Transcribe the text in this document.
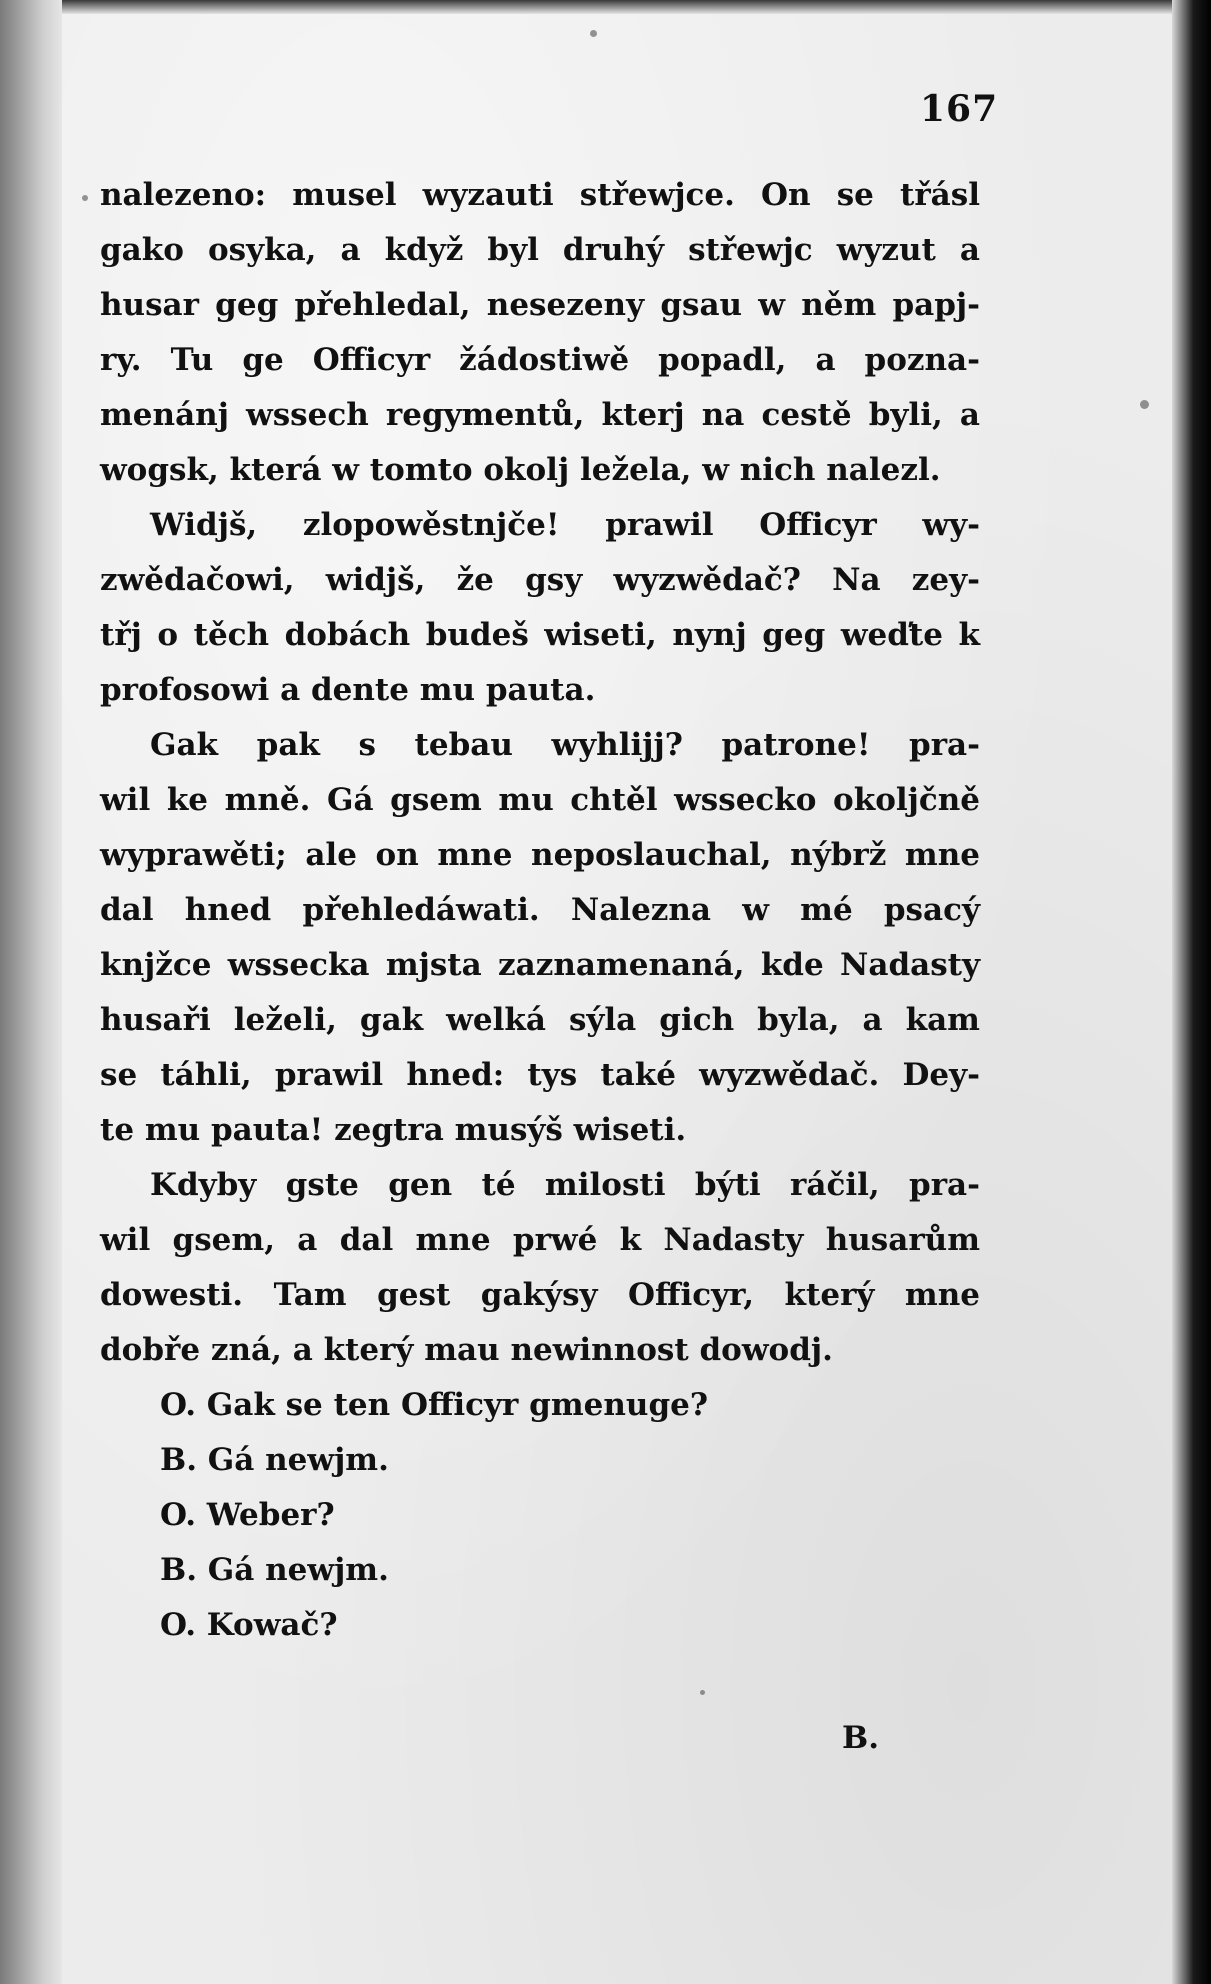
167
nalezeno: musel wyzauti střewjce. On se třásl
gako osyka, a když byl druhý střewjc wyzut a
husar geg přehledal, nesezeny gsau w něm papj-
ry. Tu ge Officyr žádostiwě popadl, a pozna-
menánj wssech regymentů, kterj na cestě byli, a
wogsk, která w tomto okolj ležela, w nich nalezl.
Widjš, zlopowěstnjče! prawil Officyr wy-
zwědačowi, widjš, že gsy wyzwědač? Na zey-
třj o těch dobách budeš wiseti, nynj geg weďte k
profosowi a dente mu pauta.
Gak pak s tebau wyhlijj? patrone! pra-
wil ke mně. Gá gsem mu chtěl wssecko okoljčně
wyprawěti; ale on mne neposlauchal, nýbrž mne
dal hned přehledáwati. Nalezna w mé psacý
knjžce wssecka mjsta zaznamenaná, kde Nadasty
husaři leželi, gak welká sýla gich byla, a kam
se táhli, prawil hned: tys také wyzwědač. Dey-
te mu pauta! zegtra musýš wiseti.
Kdyby gste gen té milosti býti ráčil, pra-
wil gsem, a dal mne prwé k Nadasty husarům
dowesti. Tam gest gakýsy Officyr, který mne
dobře zná, a který mau newinnost dowodj.
O. Gak se ten Officyr gmenuge?
B. Gá newjm.
O. Weber?
B. Gá newjm.
O. Kowač?
B.
